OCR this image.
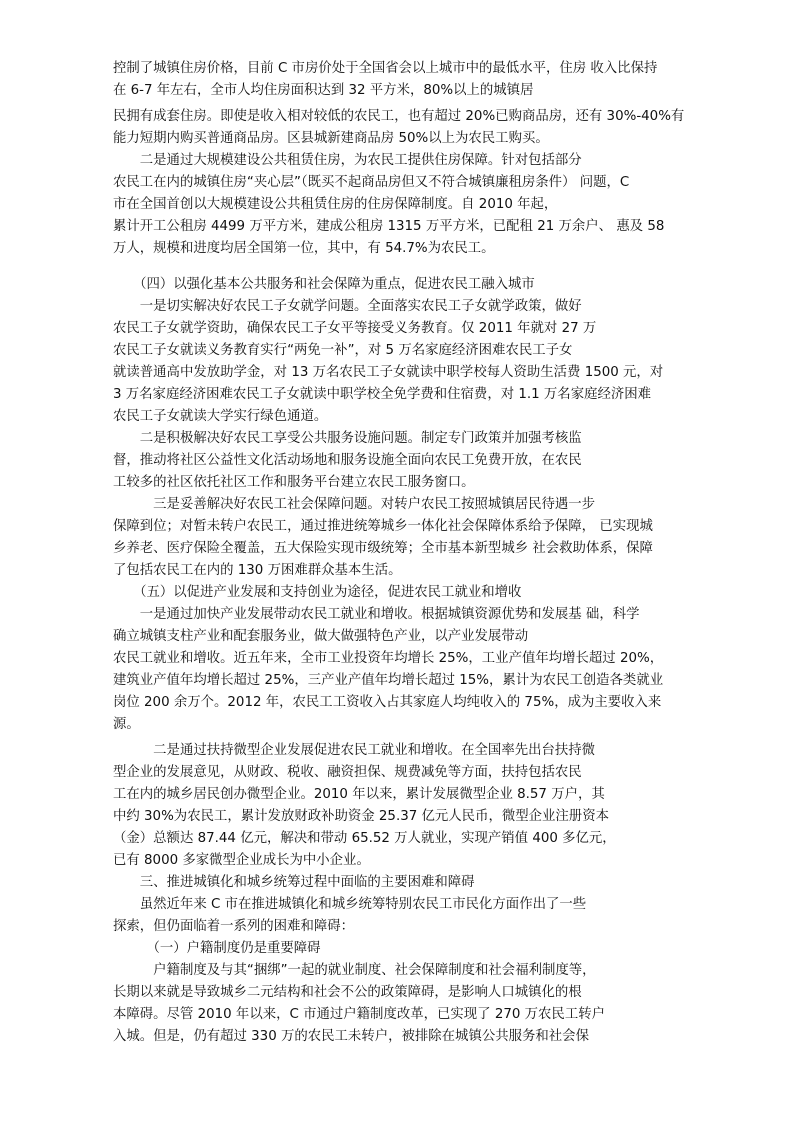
控制了城镇住房价格，目前 C 市房价处于全国省会以上城市中的最低水平，住房 收入比保持
在 6-7 年左右，全市人均住房面积达到 32 平方米，80%以上的城镇居
民拥有成套住房。即使是收入相对较低的农民工，也有超过 20%已购商品房，还有 30%-40%有
能力短期内购买普通商品房。区县城新建商品房 50%以上为农民工购买。
　　二是通过大规模建设公共租赁住房，为农民工提供住房保障。针对包括部分
农民工在内的城镇住房“夹心层”（既买不起商品房但又不符合城镇廉租房条件） 问题，C
市在全国首创以大规模建设公共租赁住房的住房保障制度。自 2010 年起，
累计开工公租房 4499 万平方米，建成公租房 1315 万平方米，已配租 21 万余户、 惠及 58
万人，规模和进度均居全国第一位，其中，有 54.7%为农民工。
　　（四）以强化基本公共服务和社会保障为重点，促进农民工融入城市
　　一是切实解决好农民工子女就学问题。全面落实农民工子女就学政策，做好
农民工子女就学资助，确保农民工子女平等接受义务教育。仅 2011 年就对 27 万
农民工子女就读义务教育实行“两免一补”，对 5 万名家庭经济困难农民工子女
就读普通高中发放助学金，对 13 万名农民工子女就读中职学校每人资助生活费 1500 元，对
3 万名家庭经济困难农民工子女就读中职学校全免学费和住宿费，对 1.1 万名家庭经济困难
农民工子女就读大学实行绿色通道。
　　二是积极解决好农民工享受公共服务设施问题。制定专门政策并加强考核监
督，推动将社区公益性文化活动场地和服务设施全面向农民工免费开放，在农民
工较多的社区依托社区工作和服务平台建立农民工服务窗口。
　　　三是妥善解决好农民工社会保障问题。对转户农民工按照城镇居民待遇一步
保障到位；对暂未转户农民工，通过推进统筹城乡一体化社会保障体系给予保障， 已实现城
乡养老、医疗保险全覆盖，五大保险实现市级统筹；全市基本新型城乡 社会救助体系，保障
了包括农民工在内的 130 万困难群众基本生活。
　　（五）以促进产业发展和支持创业为途径，促进农民工就业和增收
　　一是通过加快产业发展带动农民工就业和增收。根据城镇资源优势和发展基 础，科学
确立城镇支柱产业和配套服务业，做大做强特色产业，以产业发展带动
农民工就业和增收。近五年来，全市工业投资年均增长 25%，工业产值年均增长超过 20%，
建筑业产值年均增长超过 25%，三产业产值年均增长超过 15%，累计为农民工创造各类就业
岗位 200 余万个。2012 年，农民工工资收入占其家庭人均纯收入的 75%，成为主要收入来
源。
　　　二是通过扶持微型企业发展促进农民工就业和增收。在全国率先出台扶持微
型企业的发展意见，从财政、税收、融资担保、规费减免等方面，扶持包括农民
工在内的城乡居民创办微型企业。2010 年以来，累计发展微型企业 8.57 万户，其
中约 30%为农民工，累计发放财政补助资金 25.37 亿元人民币，微型企业注册资本
（金）总额达 87.44 亿元，解决和带动 65.52 万人就业，实现产销值 400 多亿元，
已有 8000 多家微型企业成长为中小企业。
　　三、推进城镇化和城乡统筹过程中面临的主要困难和障碍
　　虽然近年来 C 市在推进城镇化和城乡统筹特别农民工市民化方面作出了一些
探索，但仍面临着一系列的困难和障碍：
　　　（一）户籍制度仍是重要障碍
　　　户籍制度及与其“捆绑”一起的就业制度、社会保障制度和社会福利制度等，
长期以来就是导致城乡二元结构和社会不公的政策障碍，是影响人口城镇化的根
本障碍。尽管 2010 年以来，C 市通过户籍制度改革，已实现了 270 万农民工转户
入城。但是，仍有超过 330 万的农民工未转户，被排除在城镇公共服务和社会保
